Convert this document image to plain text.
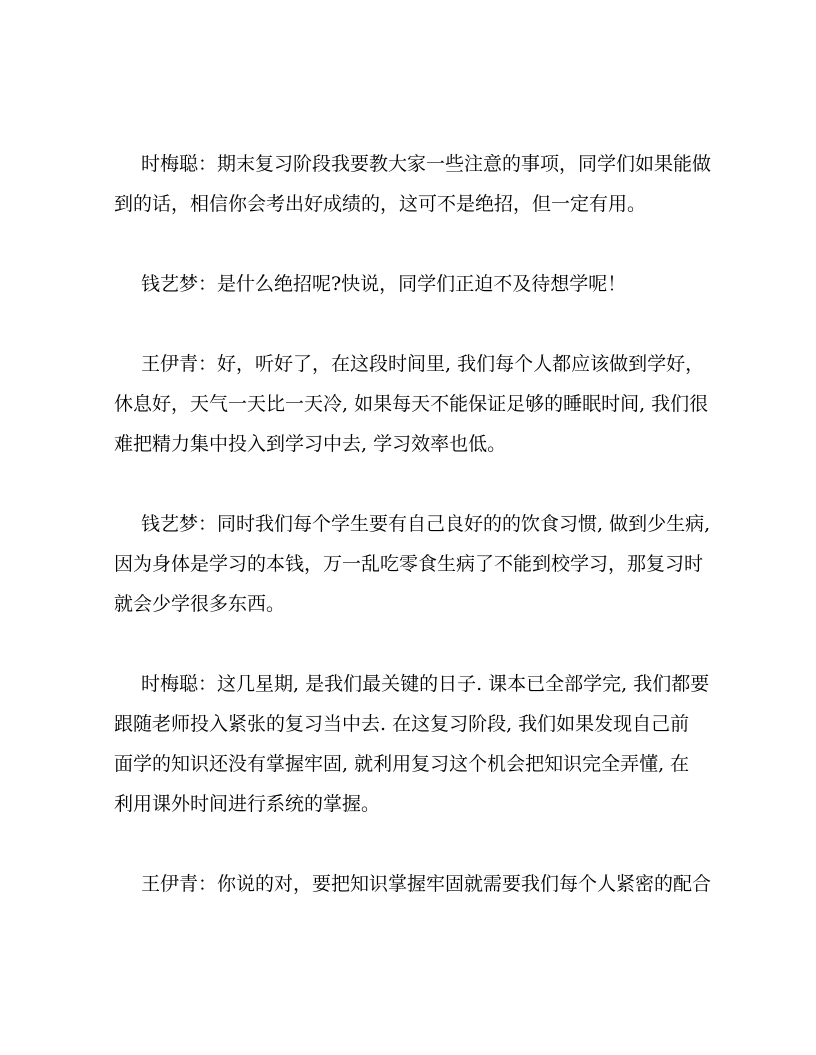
时梅聪：期末复习阶段我要教大家一些注意的事项，同学们如果能做
到的话，相信你会考出好成绩的，这可不是绝招，但一定有用。

钱艺梦：是什么绝招呢?快说，同学们正迫不及待想学呢！

王伊青：好，听好了，在这段时间里, 我们每个人都应该做到学好，
休息好，天气一天比一天冷, 如果每天不能保证足够的睡眠时间, 我们很
难把精力集中投入到学习中去, 学习效率也低。

钱艺梦：同时我们每个学生要有自己良好的的饮食习惯, 做到少生病,
因为身体是学习的本钱，万一乱吃零食生病了不能到校学习，那复习时
就会少学很多东西。

时梅聪：这几星期, 是我们最关键的日子. 课本已全部学完, 我们都要
跟随老师投入紧张的复习当中去. 在这复习阶段, 我们如果发现自己前
面学的知识还没有掌握牢固, 就利用复习这个机会把知识完全弄懂, 在
利用课外时间进行系统的掌握。

王伊青：你说的对，要把知识掌握牢固就需要我们每个人紧密的配合
